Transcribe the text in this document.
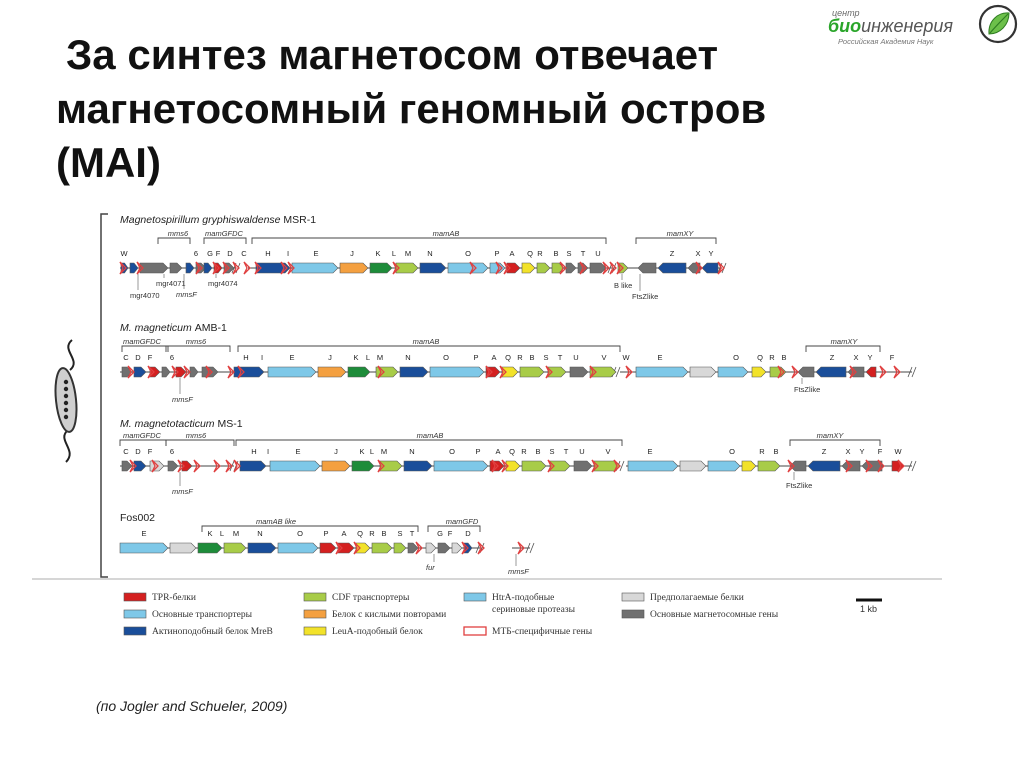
За синтез магнетосом отвечает
магнетосомный геномный остров
(MAI)
центр
биоинженерия
Российская Академия Наук
Magnetospirillum gryphiswaldense MSR-1
mms6 mamGFDC	mamAB	mamXY
W	6 G F D C H I	E	J	K L M N	O	P A Q R B S T U	Z	X Y
mgr4071
mgr4070
mgr4074
mmsF
B like
FtsZlike
M. magneticum AMB-1
mamGFDC	mms6	mamAB	mamXY
C D F 6	H I	E	J	K L M	N	O	P A Q R B S T U	V W	E	O Q R B	Z	X Y F
mmsF
FtsZlike
M. magnetotacticum MS-1
mamGFDC	mms6	mamAB	mamXY
C D F 6	H I	E	J	K L M	N	O	P A Q R B S T U	V	E	O	R B	Z	X Y F W
mmsF
FtsZlike
Fos002	mamAB like	mamGFD
E	K L M N	O	P A Q R B S T	G F D
fur	mmsF
TPR-белки
Основные транспортеры
Актиноподобный белок MreB
CDF транспортеры
Белок с кислыми повторами
LeuA-подобный белок
HtrA-подобные
сериновые протеазы
МТБ-специфичные гены
Предполагаемые белки
Основные магнетосомные гены
1 kb
(по Jogler and Schueler, 2009)
